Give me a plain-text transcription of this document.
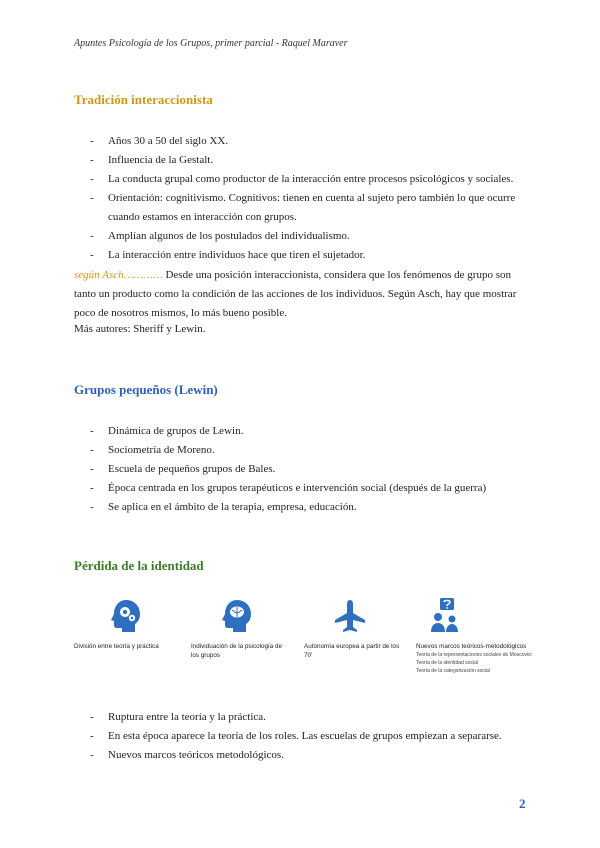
Apuntes Psicología de los Grupos, primer parcial - Raquel Maraver
Tradición interaccionista
- Años 30 a 50 del siglo XX.
- Influencia de la Gestalt.
- La conducta grupal como productor de la interacción entre procesos psicológicos y sociales.
- Orientación: cognitivismo. Cognitivos: tienen en cuenta al sujeto pero también lo que ocurre cuando estamos en interacción con grupos.
- Amplían algunos de los postulados del individualismo.
- La interacción entre individuos hace que tiren el sujetador.

según Asch………… Desde una posición interaccionista, considera que los fenómenos de grupo son tanto un producto como la condición de las acciones de los individuos. Según Asch, hay que mostrar poco de nosotros mismos, lo más bueno posible.

Más autores: Sheriff y Lewin.
Grupos pequeños (Lewin)
- Dinámica de grupos de Lewin.
- Sociometría de Moreno.
- Escuela de pequeños grupos de Bales.
- Época centrada en los grupos terapéuticos e intervención social (después de la guerra)
- Se aplica en el ámbito de la terapia, empresa, educación.
Pérdida de la identidad
División entre teoría y práctica	Individuación de la psicología de los grupos
Autonomía europea a partir de los 70'
Nuevos marcos teóricos-metodológicos
Teoría de la representaciones sociales de Moscovici
Teoría de la identidad social
Teoría de la categorización social
- Ruptura entre la teoría y la práctica.
- En esta época aparece la teoría de los roles. Las escuelas de grupos empiezan a separarse.
- Nuevos marcos teóricos metodológicos.
2
